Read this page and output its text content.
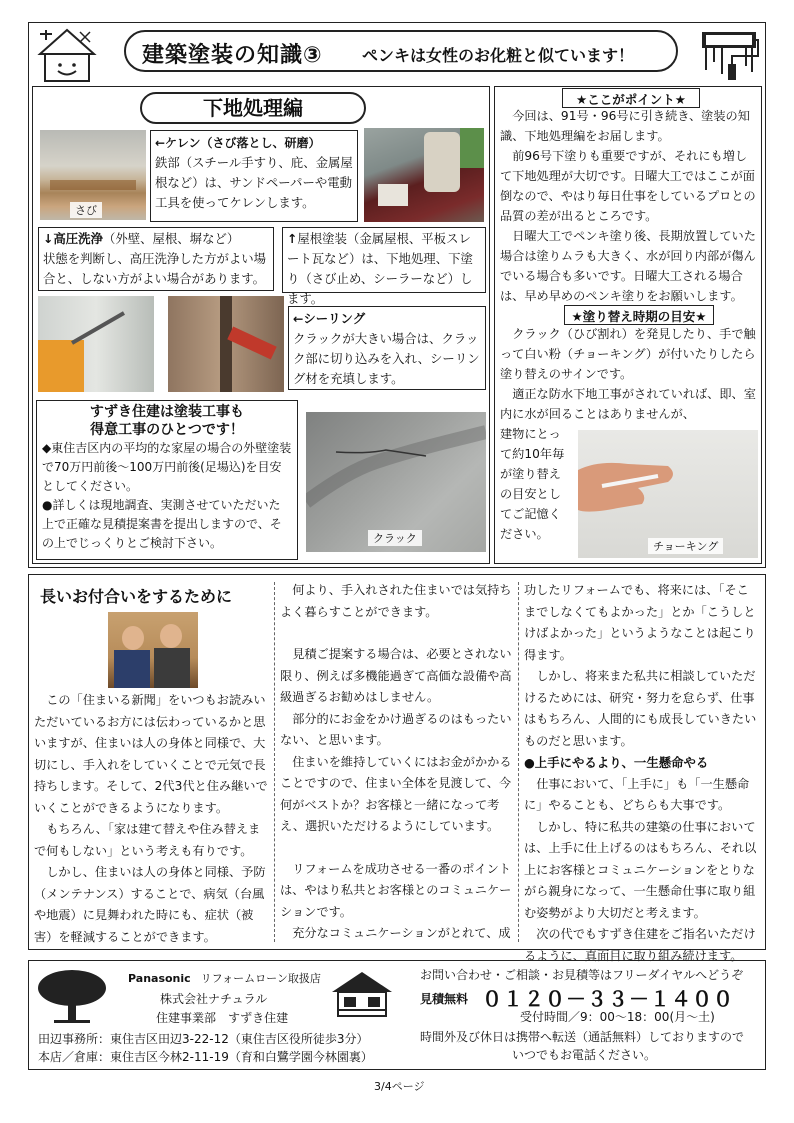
建築塗装の知識③ ペンキは女性のお化粧と似ています！
下地処理編
さび
←ケレン（さび落とし、研磨）
鉄部（スチール手すり、庇、金属屋根など）は、サンドペーパーや電動工具を使ってケレンします。
↓高圧洗浄（外壁、屋根、塀など）
状態を判断し、高圧洗浄した方がよい場合と、しない方がよい場合があります。
↑屋根塗装（金属屋根、平板スレート瓦など）は、下地処理、下塗り（さび止め、シーラーなど）します。
←シーリング
クラックが大きい場合は、クラック部に切り込みを入れ、シーリング材を充填します。
すずき住建は塗装工事も
得意工事のひとつです！
◆東住吉区内の平均的な家屋の場合の外壁塗装で70万円前後～100万円前後(足場込)を目安としてください。
●詳しくは現地調査、実測させていただいた上で正確な見積提案書を提出しますので、その上でじっくりとご検討下さい。	クラック
★ここがポイント★

今回は、91号・96号に引き続き、塗装の知識、下地処理編をお届します。

前96号下塗りも重要ですが、それにも増して下地処理が大切です。日曜大工ではここが面倒なので、やはり毎日仕事をしているプロとの品質の差が出るところです。

日曜大工でペンキ塗り後、長期放置していた場合は塗りムラも大きく、水が回り内部が傷んでいる場合も多いです。日曜大工される場合は、早め早めのペンキ塗りをお願いします。

★塗り替え時期の目安★

クラック（ひび割れ）を発見したり、手で触って白い粉（チョーキング）が付いたりしたら塗り替えのサインです。

適正な防水下地工事がされていれば、即、室内に水が回ることはありませんが、

建物にとって約10年毎が塗り替えの目安としてご記憶ください。
チョーキング
長いお付合いをするために

この「住まいる新聞」をいつもお読みいただいているお方には伝わっているかと思いますが、住まいは人の身体と同様で、大切にし、手入れをしていくことで元気で長持ちします。そして、2代3代と住み継いでいくことができるようになります。

もちろん、「家は建て替えや住み替えまで何もしない」という考えも有りです。

しかし、住まいは人の身体と同様、予防（メンテナンス）することで、病気（台風や地震）に見舞われた時にも、症状（被害）を軽減することができます。

何より、手入れされた住まいでは気持ちよく暮らすことができます。

見積ご提案する場合は、必要とされない限り、例えば多機能過ぎて高価な設備や高級過ぎるお勧めはしません。

部分的にお金をかけ過ぎるのはもったいない、と思います。

住まいを維持していくにはお金がかかることですので、住まい全体を見渡して、今何がベストか？お客様と一緒になって考え、選択いただけるようにしています。

リフォームを成功させる一番のポイントは、やはり私共とお客様とのコミュニケーションです。

充分なコミュニケーションがとれて、成

功したリフォームでも、将来には、「そこまでしなくてもよかった」とか「こうしとけばよかった」というようなことは起こり得ます。

しかし、将来また私共に相談していただけるためには、研究・努力を怠らず、仕事はもちろん、人間的にも成長していきたいものだと思います。

●上手にやるより、一生懸命やる

仕事において、「上手に」も「一生懸命に」やることも、どちらも大事です。

しかし、特に私共の建築の仕事においては、上手に仕上げるのはもちろん、それ以上にお客様とコミュニケーションをとりながら親身になって、一生懸命仕事に取り組む姿勢がより大切だと考えます。

次の代でもすずき住建をご指名いただけるように、真面目に取り組み続けます。

Panasonic リフォームローン取扱店
株式会社ナチュラル
住建事業部　すずき住建
田辺事務所：東住吉区田辺3-22-12（東住吉区役所徒歩3分）
本店／倉庫：東住吉区今林2-11-19（育和白鷺学園今林園裏）
お問い合わせ・ご相談・お見積等はフリーダイヤルへどうぞ
見積無料 ０１２０－３３－１４００
受付時間／9：00～18：00(月～土)
時間外及び休日は携帯へ転送（通話無料）しておりますので
いつでもお電話ください。
3/4ページ
